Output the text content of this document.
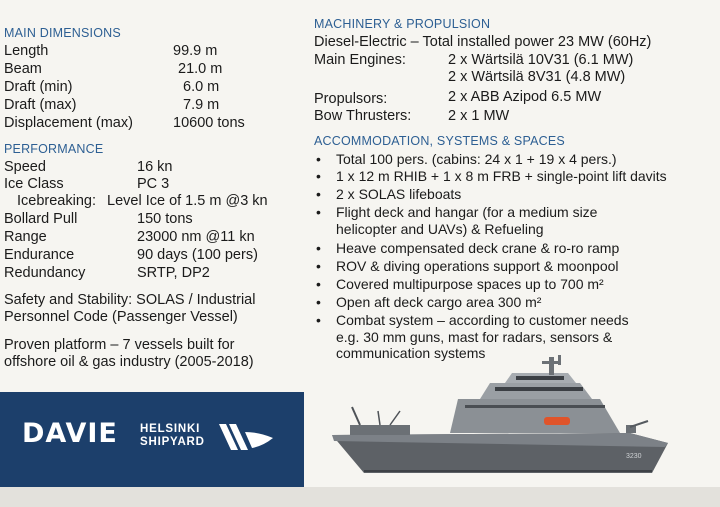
MAIN DIMENSIONS
Length	99.9 m
Beam	21.0 m
Draft (min)	6.0 m
Draft (max)	7.9 m
Displacement (max)	10600 tons
PERFORMANCE
Speed	16 kn
Ice Class	PC 3
Icebreaking: Level Ice of 1.5 m @3 kn
Bollard Pull	150 tons
Range	23000 nm @11 kn
Endurance	90 days (100 pers)
Redundancy	SRTP, DP2
Safety and Stability: SOLAS / Industrial
Personnel Code (Passenger Vessel)
Proven platform – 7 vessels built for
offshore oil & gas industry (2005-2018)
DAVIE HELSINKI
SHIPYARD
MACHINERY & PROPULSION
Diesel-Electric – Total installed power 23 MW (60Hz)
Main Engines:	2 x Wärtsilä 10V31 (6.1 MW)
2 x Wärtsilä 8V31 (4.8 MW)
Propulsors:	2 x ABB Azipod 6.5 MW
Bow Thrusters:	2 x 1 MW
ACCOMMODATION, SYSTEMS & SPACES
• Total 100 pers. (cabins: 24 x 1 + 19 x 4 pers.)
• 1 x 12 m RHIB + 1 x 8 m FRB + single-point lift davits
• 2 x SOLAS lifeboats
• Flight deck and hangar (for a medium size
helicopter and UAVs) & Refueling
• Heave compensated deck crane & ro-ro ramp
• ROV & diving operations support & moonpool
• Covered multipurpose spaces up to 700 m²
• Open aft deck cargo area 300 m²
• Combat system – according to customer needs
e.g. 30 mm guns, mast for radars, sensors &
communication systems
3230
